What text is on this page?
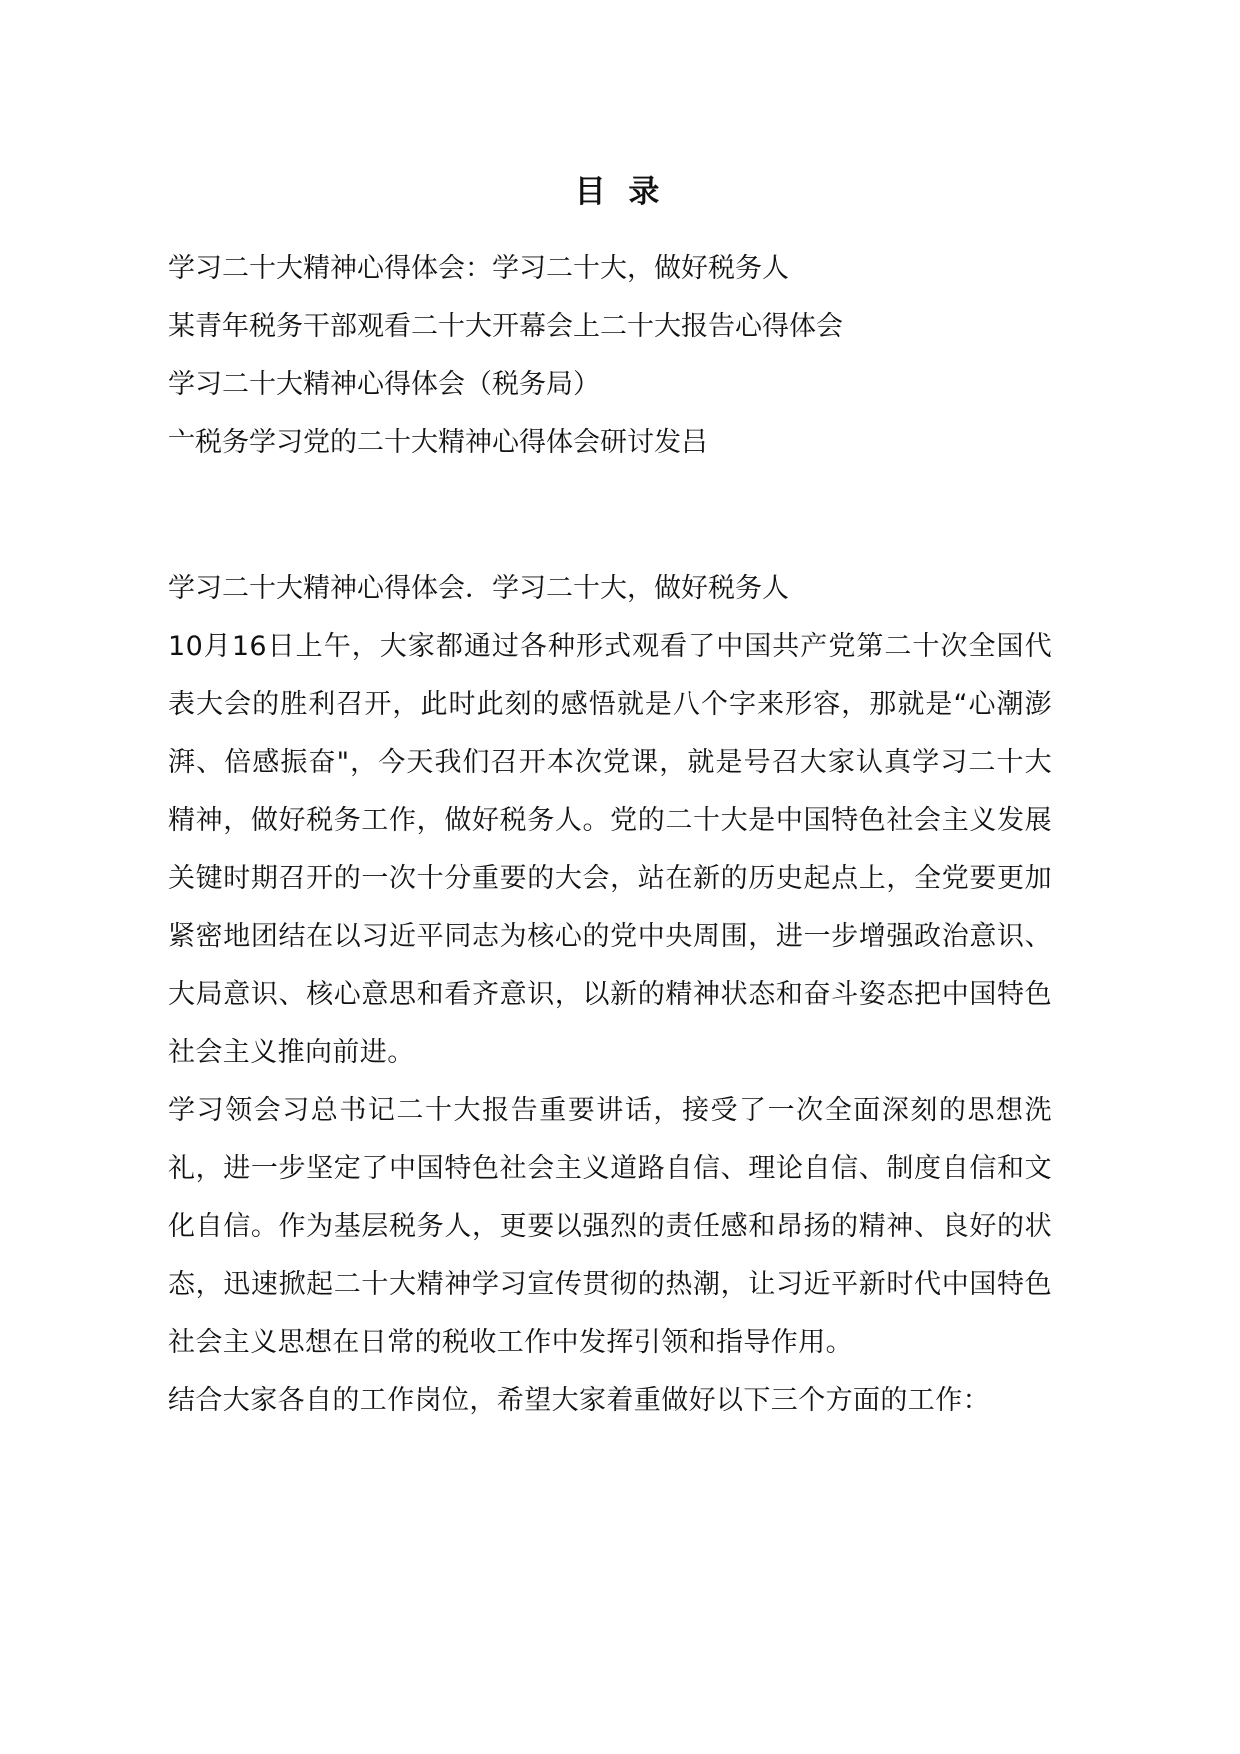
目 录
学习二十大精神心得体会：学习二十大，做好税务人
某青年税务干部观看二十大开幕会上二十大报告心得体会
学习二十大精神心得体会（税务局）
亠税务学习党的二十大精神心得体会研讨发吕
学习二十大精神心得体会．学习二十大，做好税务人

10月16日上午，大家都通过各种形式观看了中国共产党第二十次全国代表大会的胜利召开，此时此刻的感悟就是八个字来形容，那就是“心潮澎湃、倍感振奋"，今天我们召开本次党课，就是号召大家认真学习二十大精神，做好税务工作，做好税务人。党的二十大是中国特色社会主义发展关键时期召开的一次十分重要的大会，站在新的历史起点上，全党要更加紧密地团结在以习近平同志为核心的党中央周围，进一步增强政治意识、大局意识、核心意思和看齐意识，以新的精神状态和奋斗姿态把中国特色社会主义推向前进。

学习领会习总书记二十大报告重要讲话，接受了一次全面深刻的思想洗礼，进一步坚定了中国特色社会主义道路自信、理论自信、制度自信和文化自信。作为基层税务人，更要以强烈的责任感和昂扬的精神、良好的状态，迅速掀起二十大精神学习宣传贯彻的热潮，让习近平新时代中国特色社会主义思想在日常的税收工作中发挥引领和指导作用。

结合大家各自的工作岗位，希望大家着重做好以下三个方面的工作：
